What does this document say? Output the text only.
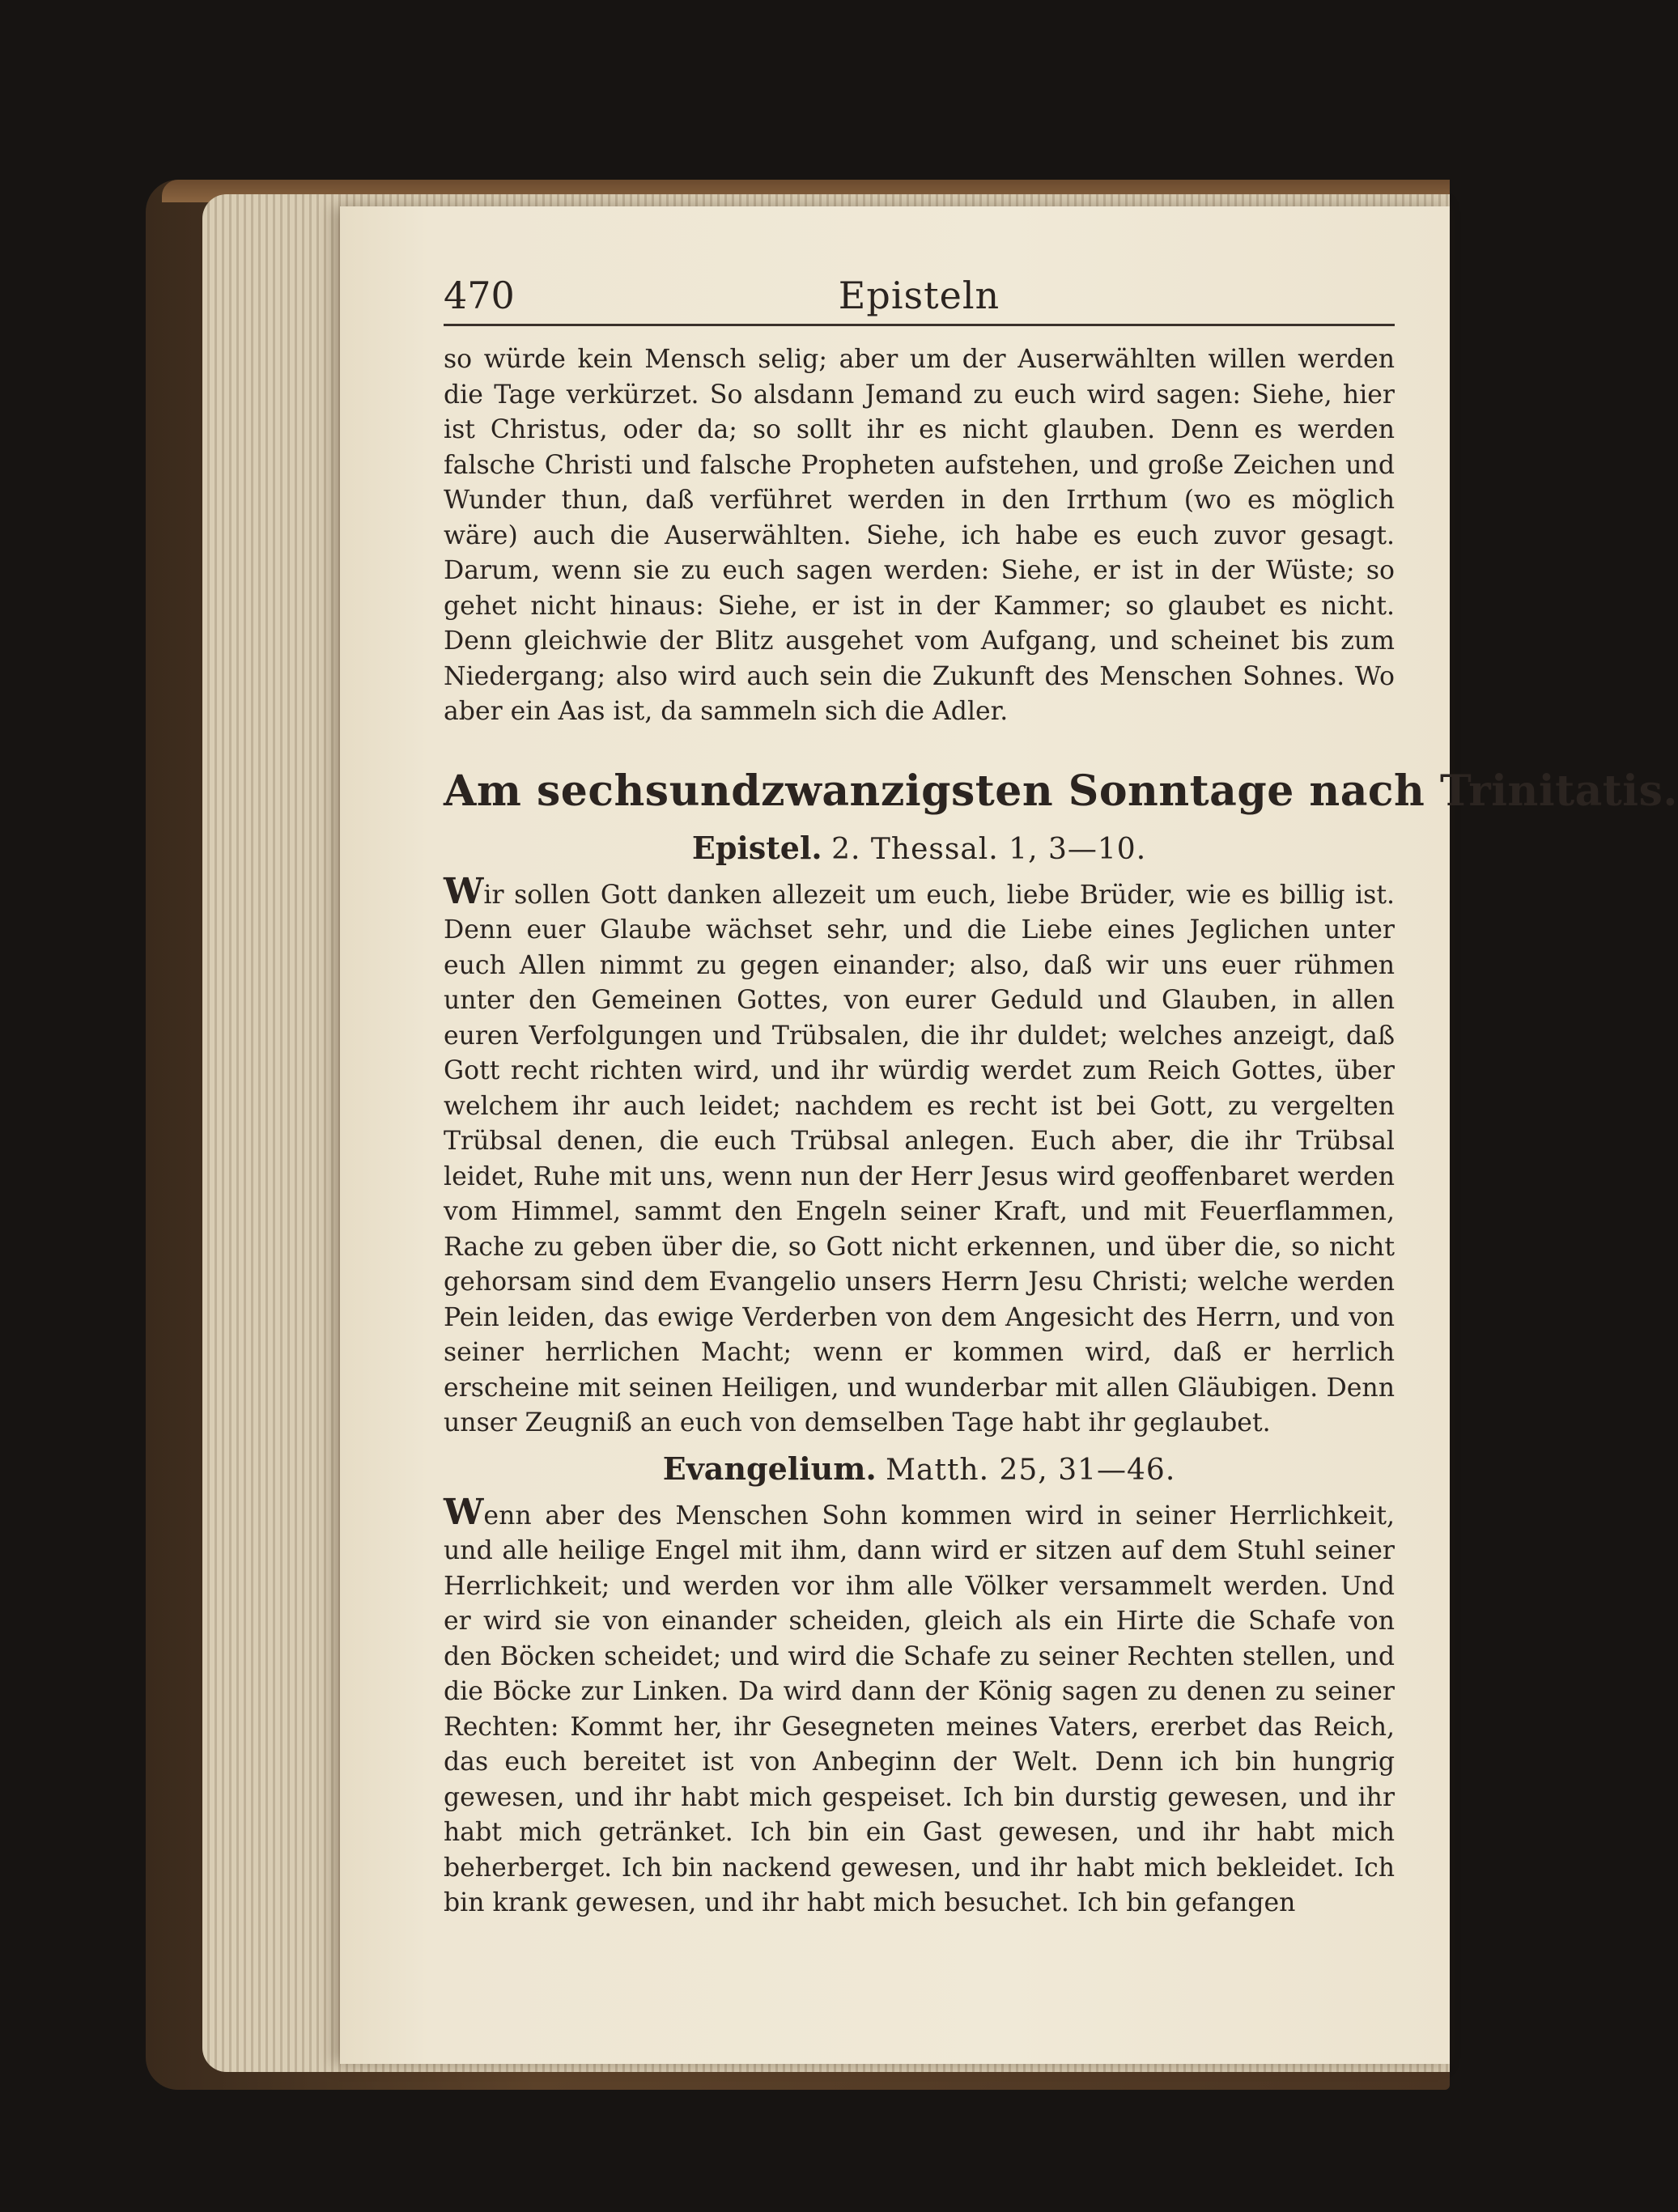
470	Episteln

so würde kein Mensch selig; aber um der Auserwählten willen werden die Tage verkürzet. So alsdann Jemand zu euch wird sagen: Siehe, hier ist Christus, oder da; so sollt ihr es nicht glauben. Denn es werden falsche Christi und falsche Propheten aufstehen, und große Zeichen und Wunder thun, daß verführet werden in den Irrthum (wo es möglich wäre) auch die Auserwählten. Siehe, ich habe es euch zuvor gesagt. Darum, wenn sie zu euch sagen werden: Siehe, er ist in der Wüste; so gehet nicht hinaus: Siehe, er ist in der Kammer; so glaubet es nicht. Denn gleichwie der Blitz ausgehet vom Aufgang, und scheinet bis zum Niedergang; also wird auch sein die Zukunft des Menschen Sohnes. Wo aber ein Aas ist, da sammeln sich die Adler.

Am sechsundzwanzigsten Sonntage nach Trinitatis.
Epistel. 2. Thessal. 1, 3—10.

Wir sollen Gott danken allezeit um euch, liebe Brüder, wie es billig ist. Denn euer Glaube wächset sehr, und die Liebe eines Jeglichen unter euch Allen nimmt zu gegen einander; also, daß wir uns euer rühmen unter den Gemeinen Gottes, von eurer Geduld und Glauben, in allen euren Verfolgungen und Trübsalen, die ihr duldet; welches anzeigt, daß Gott recht richten wird, und ihr würdig werdet zum Reich Gottes, über welchem ihr auch leidet; nachdem es recht ist bei Gott, zu vergelten Trübsal denen, die euch Trübsal anlegen. Euch aber, die ihr Trübsal leidet, Ruhe mit uns, wenn nun der Herr Jesus wird geoffenbaret werden vom Himmel, sammt den Engeln seiner Kraft, und mit Feuerflammen, Rache zu geben über die, so Gott nicht erkennen, und über die, so nicht gehorsam sind dem Evangelio unsers Herrn Jesu Christi; welche werden Pein leiden, das ewige Verderben von dem Angesicht des Herrn, und von seiner herrlichen Macht; wenn er kommen wird, daß er herrlich erscheine mit seinen Heiligen, und wunderbar mit allen Gläubigen. Denn unser Zeugniß an euch von demselben Tage habt ihr geglaubet.

Evangelium. Matth. 25, 31—46.

Wenn aber des Menschen Sohn kommen wird in seiner Herrlichkeit, und alle heilige Engel mit ihm, dann wird er sitzen auf dem Stuhl seiner Herrlichkeit; und werden vor ihm alle Völker versammelt werden. Und er wird sie von einander scheiden, gleich als ein Hirte die Schafe von den Böcken scheidet; und wird die Schafe zu seiner Rechten stellen, und die Böcke zur Linken. Da wird dann der König sagen zu denen zu seiner Rechten: Kommt her, ihr Gesegneten meines Vaters, ererbet das Reich, das euch bereitet ist von Anbeginn der Welt. Denn ich bin hungrig gewesen, und ihr habt mich gespeiset. Ich bin durstig gewesen, und ihr habt mich getränket. Ich bin ein Gast gewesen, und ihr habt mich beherberget. Ich bin nackend gewesen, und ihr habt mich bekleidet. Ich bin krank gewesen, und ihr habt mich besuchet. Ich bin gefangen
